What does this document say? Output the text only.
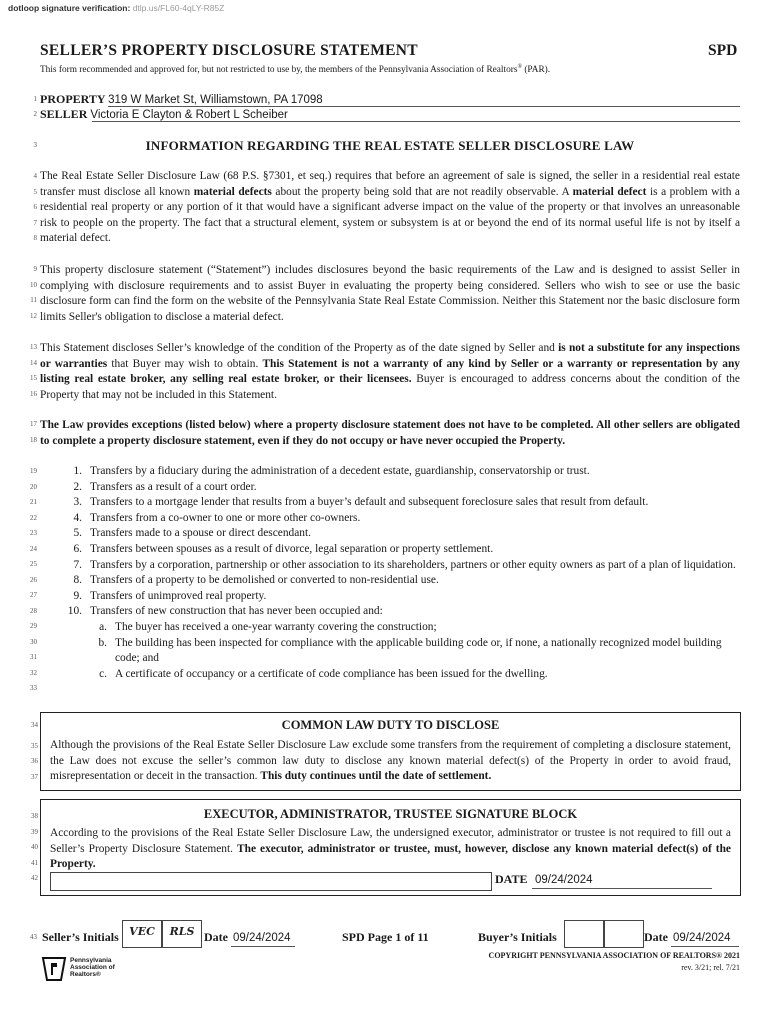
dotloop signature verification: dtlp.us/FL60-4qLY-R85Z
SELLER’S PROPERTY DISCLOSURE STATEMENT	SPD
This form recommended and approved for, but not restricted to use by, the members of the Pennsylvania Association of Realtors® (PAR).
1
2
3
4
5
6
7
8
9
10
11
12
13
14
15
16
17
18
19
20
21
22
23
24
25
26
27
28
29
30
31
32
33
34
35
36
37
38
39
40
41
42
43
PROPERTY 319 W Market St, Williamstown, PA 17098
SELLER Victoria E Clayton & Robert L Scheiber
INFORMATION REGARDING THE REAL ESTATE SELLER DISCLOSURE LAW
The Real Estate Seller Disclosure Law (68 P.S. §7301, et seq.) requires that before an agreement of sale is signed, the seller in a residential real estate transfer must disclose all known material defects about the property being sold that are not readily observable. A material defect is a problem with a residential real property or any portion of it that would have a significant adverse impact on the value of the property or that involves an unreasonable risk to people on the property. The fact that a structural element, system or subsystem is at or beyond the end of its normal useful life is not by itself a material defect.
This property disclosure statement (“Statement”) includes disclosures beyond the basic requirements of the Law and is designed to assist Seller in complying with disclosure requirements and to assist Buyer in evaluating the property being considered. Sellers who wish to see or use the basic disclosure form can find the form on the website of the Pennsylvania State Real Estate Commission. Neither this Statement nor the basic disclosure form limits Seller's obligation to disclose a material defect.
This Statement discloses Seller’s knowledge of the condition of the Property as of the date signed by Seller and is not a substitute for any inspections or warranties that Buyer may wish to obtain. This Statement is not a warranty of any kind by Seller or a warranty or representation by any listing real estate broker, any selling real estate broker, or their licensees. Buyer is encouraged to address concerns about the condition of the Property that may not be included in this Statement.
The Law provides exceptions (listed below) where a property disclosure statement does not have to be completed. All other sellers are obligated to complete a property disclosure statement, even if they do not occupy or have never occupied the Property.
1. Transfers by a fiduciary during the administration of a decedent estate, guardianship, conservatorship or trust.
2. Transfers as a result of a court order.
3. Transfers to a mortgage lender that results from a buyer’s default and subsequent foreclosure sales that result from default.
4. Transfers from a co-owner to one or more other co-owners.
5. Transfers made to a spouse or direct descendant.
6. Transfers between spouses as a result of divorce, legal separation or property settlement.
7. Transfers by a corporation, partnership or other association to its shareholders, partners or other equity owners as part of a plan of liquidation.
8. Transfers of a property to be demolished or converted to non-residential use.
9. Transfers of unimproved real property.
10. Transfers of new construction that has never been occupied and:
a. The buyer has received a one-year warranty covering the construction;
b. The building has been inspected for compliance with the applicable building code or, if none, a nationally recognized model building code; and
c. A certificate of occupancy or a certificate of code compliance has been issued for the dwelling.
COMMON LAW DUTY TO DISCLOSE
Although the provisions of the Real Estate Seller Disclosure Law exclude some transfers from the requirement of completing a disclosure statement, the Law does not excuse the seller’s common law duty to disclose any known material defect(s) of the Property in order to avoid fraud, misrepresentation or deceit in the transaction. This duty continues until the date of settlement.
EXECUTOR, ADMINISTRATOR, TRUSTEE SIGNATURE BLOCK
According to the provisions of the Real Estate Seller Disclosure Law, the undersigned executor, administrator or trustee is not required to fill out a Seller’s Property Disclosure Statement. The executor, administrator or trustee, must, however, disclose any known material defect(s) of the Property.
DATE 09/24/2024
Seller’s Initials VEC	RLS Date 09/24/2024	SPD Page 1 of 11	Buyer’s Initials	Date 09/24/2024
Pennsylvania
Association of
Realtors®
COPYRIGHT PENNSYLVANIA ASSOCIATION OF REALTORS® 2021
rev. 3/21; rel. 7/21
